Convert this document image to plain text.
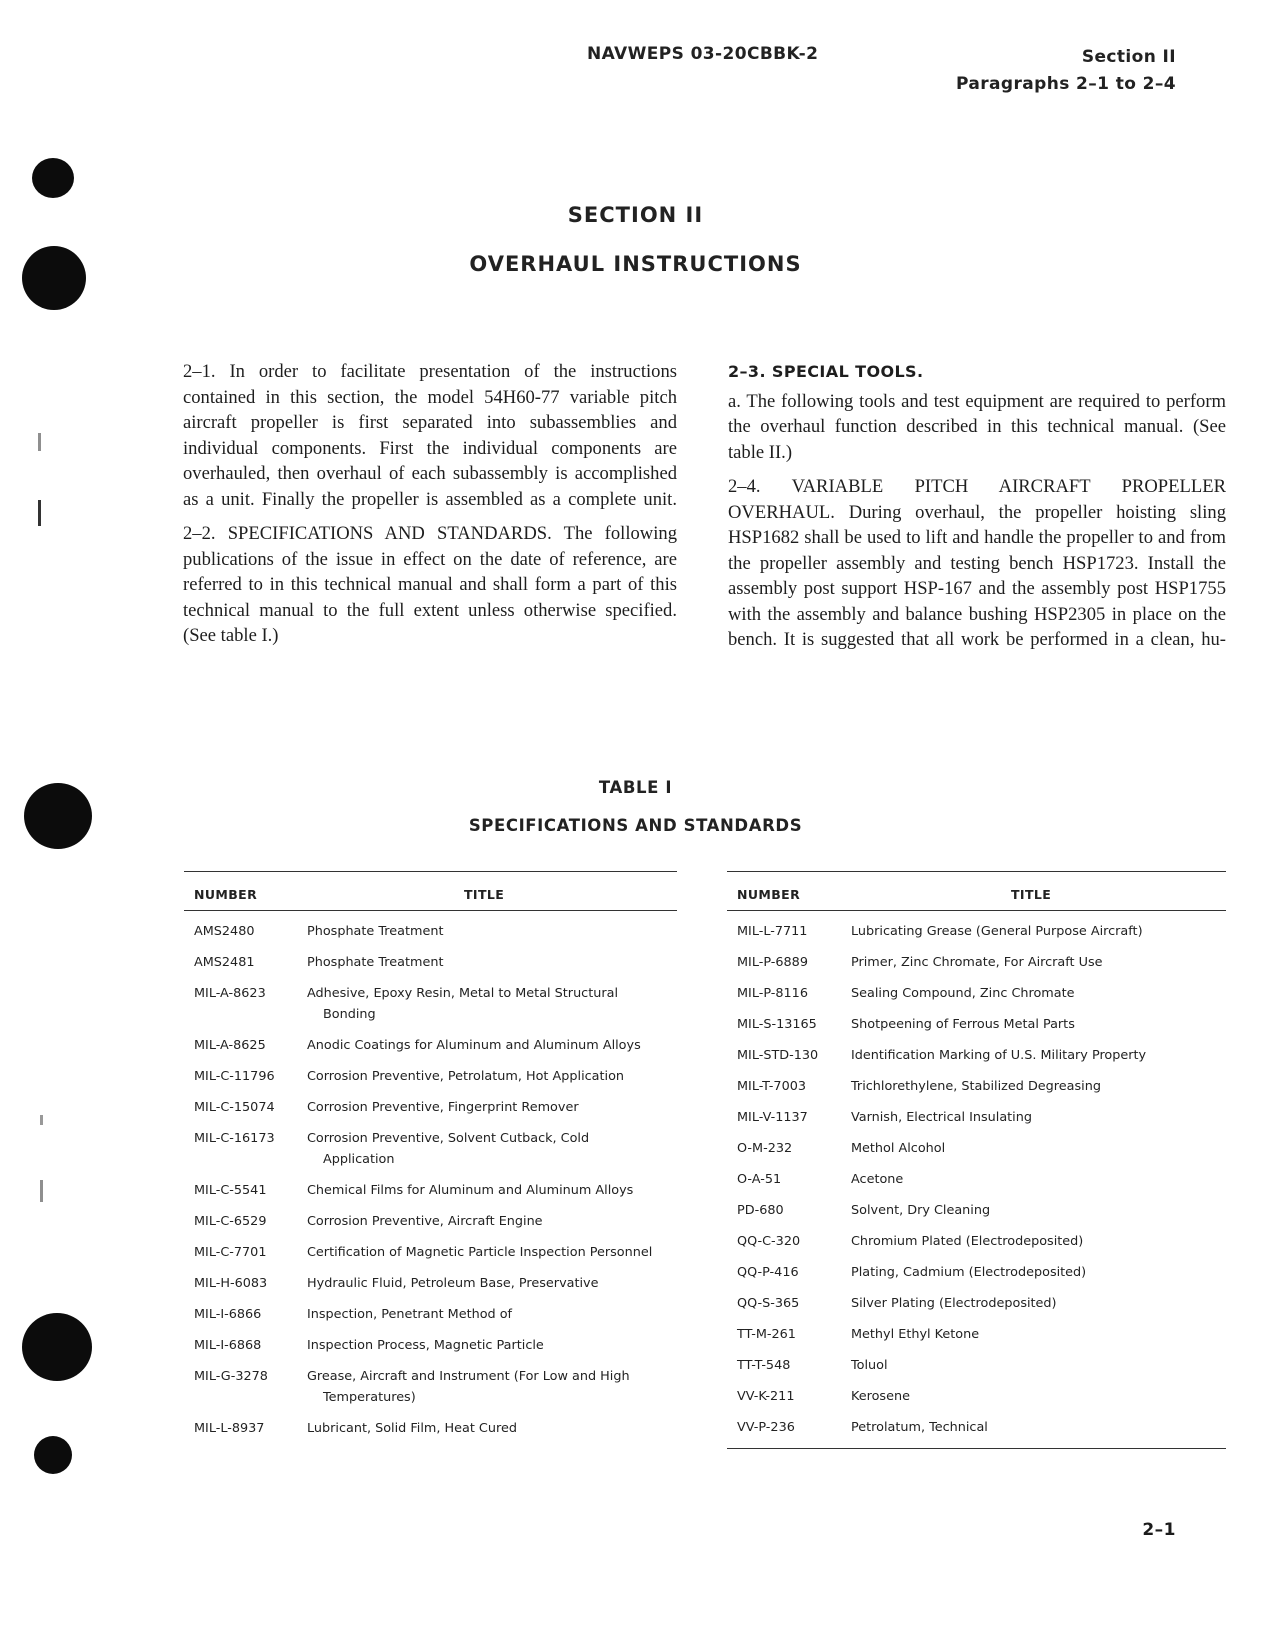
NAVWEPS 03-20CBBK-2	Section II
Paragraphs 2–1 to 2–4
SECTION II
OVERHAUL INSTRUCTIONS

2–1. In order to facilitate presentation of the instructions contained in this section, the model 54H60-77 variable pitch aircraft propeller is first separated into subassemblies and individual components. First the individual components are overhauled, then overhaul of each subassembly is accomplished as a unit. Finally the propeller is assembled as a complete unit.

2–2. SPECIFICATIONS AND STANDARDS. The following publications of the issue in effect on the date of reference, are referred to in this technical manual and shall form a part of this technical manual to the full extent unless otherwise specified. (See table I.)

2–3. SPECIAL TOOLS.

a. The following tools and test equipment are required to perform the overhaul function described in this technical manual. (See table II.)

2–4. VARIABLE PITCH AIRCRAFT PROPELLER OVERHAUL. During overhaul, the propeller hoisting sling HSP1682 shall be used to lift and handle the propeller to and from the propeller assembly and testing bench HSP1723. Install the assembly post support HSP-167 and the assembly post HSP1755 with the assembly and balance bushing HSP2305 in place on the bench. It is suggested that all work be performed in a clean, hu-

TABLE I
SPECIFICATIONS AND STANDARDS
NUMBER	TITLE
AMS2480	Phosphate Treatment
AMS2481	Phosphate Treatment
MIL-A-8623	Adhesive, Epoxy Resin, Metal to Metal Structural Bonding
MIL-A-8625	Anodic Coatings for Aluminum and Aluminum Alloys
MIL-C-11796	Corrosion Preventive, Petrolatum, Hot Application
MIL-C-15074	Corrosion Preventive, Fingerprint Remover
MIL-C-16173	Corrosion Preventive, Solvent Cutback, Cold Application
MIL-C-5541	Chemical Films for Aluminum and Aluminum Alloys
MIL-C-6529	Corrosion Preventive, Aircraft Engine
MIL-C-7701	Certification of Magnetic Particle Inspection Personnel
MIL-H-6083	Hydraulic Fluid, Petroleum Base, Preservative
MIL-I-6866	Inspection, Penetrant Method of
MIL-I-6868	Inspection Process, Magnetic Particle
MIL-G-3278	Grease, Aircraft and Instrument (For Low and High Temperatures)
MIL-L-8937	Lubricant, Solid Film, Heat Cured
NUMBER	TITLE
MIL-L-7711	Lubricating Grease (General Purpose Aircraft)
MIL-P-6889	Primer, Zinc Chromate, For Aircraft Use
MIL-P-8116	Sealing Compound, Zinc Chromate
MIL-S-13165	Shotpeening of Ferrous Metal Parts
MIL-STD-130	Identification Marking of U.S. Military Property
MIL-T-7003	Trichlorethylene, Stabilized Degreasing
MIL-V-1137	Varnish, Electrical Insulating
O-M-232	Methol Alcohol
O-A-51	Acetone
PD-680	Solvent, Dry Cleaning
QQ-C-320	Chromium Plated (Electrodeposited)
QQ-P-416	Plating, Cadmium (Electrodeposited)
QQ-S-365	Silver Plating (Electrodeposited)
TT-M-261	Methyl Ethyl Ketone
TT-T-548	Toluol
VV-K-211	Kerosene
VV-P-236	Petrolatum, Technical
2–1
